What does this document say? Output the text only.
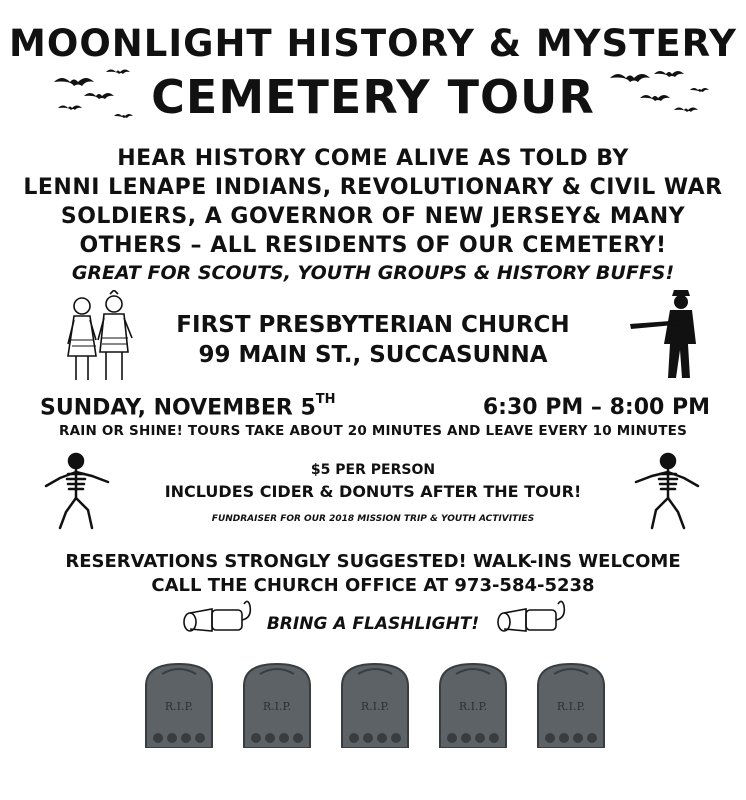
MOONLIGHT HISTORY & MYSTERY
CEMETERY TOUR
HEAR HISTORY COME ALIVE AS TOLD BY
LENNI LENAPE INDIANS, REVOLUTIONARY & CIVIL WAR
SOLDIERS, A GOVERNOR OF NEW JERSEY& MANY
OTHERS – ALL RESIDENTS OF OUR CEMETERY!
GREAT FOR SCOUTS, YOUTH GROUPS & HISTORY BUFFS!
FIRST PRESBYTERIAN CHURCH
99 MAIN ST., SUCCASUNNA
SUNDAY, NOVEMBER 5TH	6:30 PM – 8:00 PM
RAIN OR SHINE! TOURS TAKE ABOUT 20 MINUTES AND LEAVE EVERY 10 MINUTES
$5 PER PERSON
INCLUDES CIDER & DONUTS AFTER THE TOUR!
FUNDRAISER FOR OUR 2018 MISSION TRIP & YOUTH ACTIVITIES
RESERVATIONS STRONGLY SUGGESTED! WALK-INS WELCOME
CALL THE CHURCH OFFICE AT 973-584-5238
BRING A FLASHLIGHT!
R.I.P.	R.I.P.	R.I.P.	R.I.P.	R.I.P.
